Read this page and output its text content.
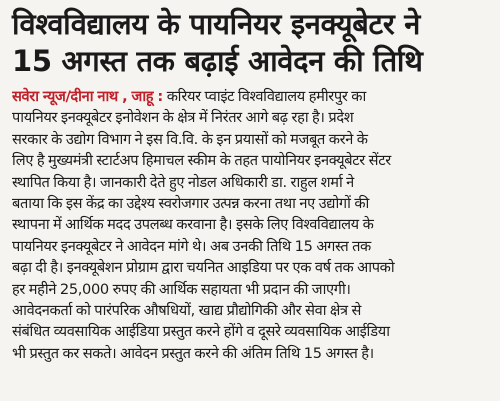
विश्वविद्यालय के पायनियर इनक्यूबेटर ने
15 अगस्त तक बढ़ाई आवेदन की तिथि
सवेरा न्यूज/दीना नाथ , जाहू : करियर प्वाइंट विश्वविद्यालय हमीरपुर का
पायनियर इनक्यूबेटर इनोवेशन के क्षेत्र में निरंतर आगे बढ़ रहा है। प्रदेश
सरकार के उद्योग विभाग ने इस वि.वि. के इन प्रयासों को मजबूत करने के
लिए है मुख्यमंत्री स्टार्टअप हिमाचल स्कीम के तहत पायोनियर इनक्यूबेटर सेंटर
स्थापित किया है। जानकारी देते हुए नोडल अधिकारी डा. राहुल शर्मा ने
बताया कि इस केंद्र का उद्देश्य स्वरोजगार उत्पन्न करना तथा नए उद्योगों की
स्थापना में आर्थिक मदद उपलब्ध करवाना है। इसके लिए विश्वविद्यालय के
पायनियर इनक्यूबेटर ने आवेदन मांगे थे। अब उनकी तिथि 15 अगस्त तक
बढ़ा दी है। इनक्यूबेशन प्रोग्राम द्वारा चयनित आइडिया पर एक वर्ष तक आपको
हर महीने 25,000 रुपए की आर्थिक सहायता भी प्रदान की जाएगी।
आवेदनकर्ता को पारंपरिक औषधियों, खाद्य प्रौद्योगिकी और सेवा क्षेत्र से
संबंधित व्यवसायिक आईडिया प्रस्तुत करने होंगे व दूसरे व्यवसायिक आईडिया
भी प्रस्तुत कर सकते। आवेदन प्रस्तुत करने की अंतिम तिथि 15 अगस्त है।
